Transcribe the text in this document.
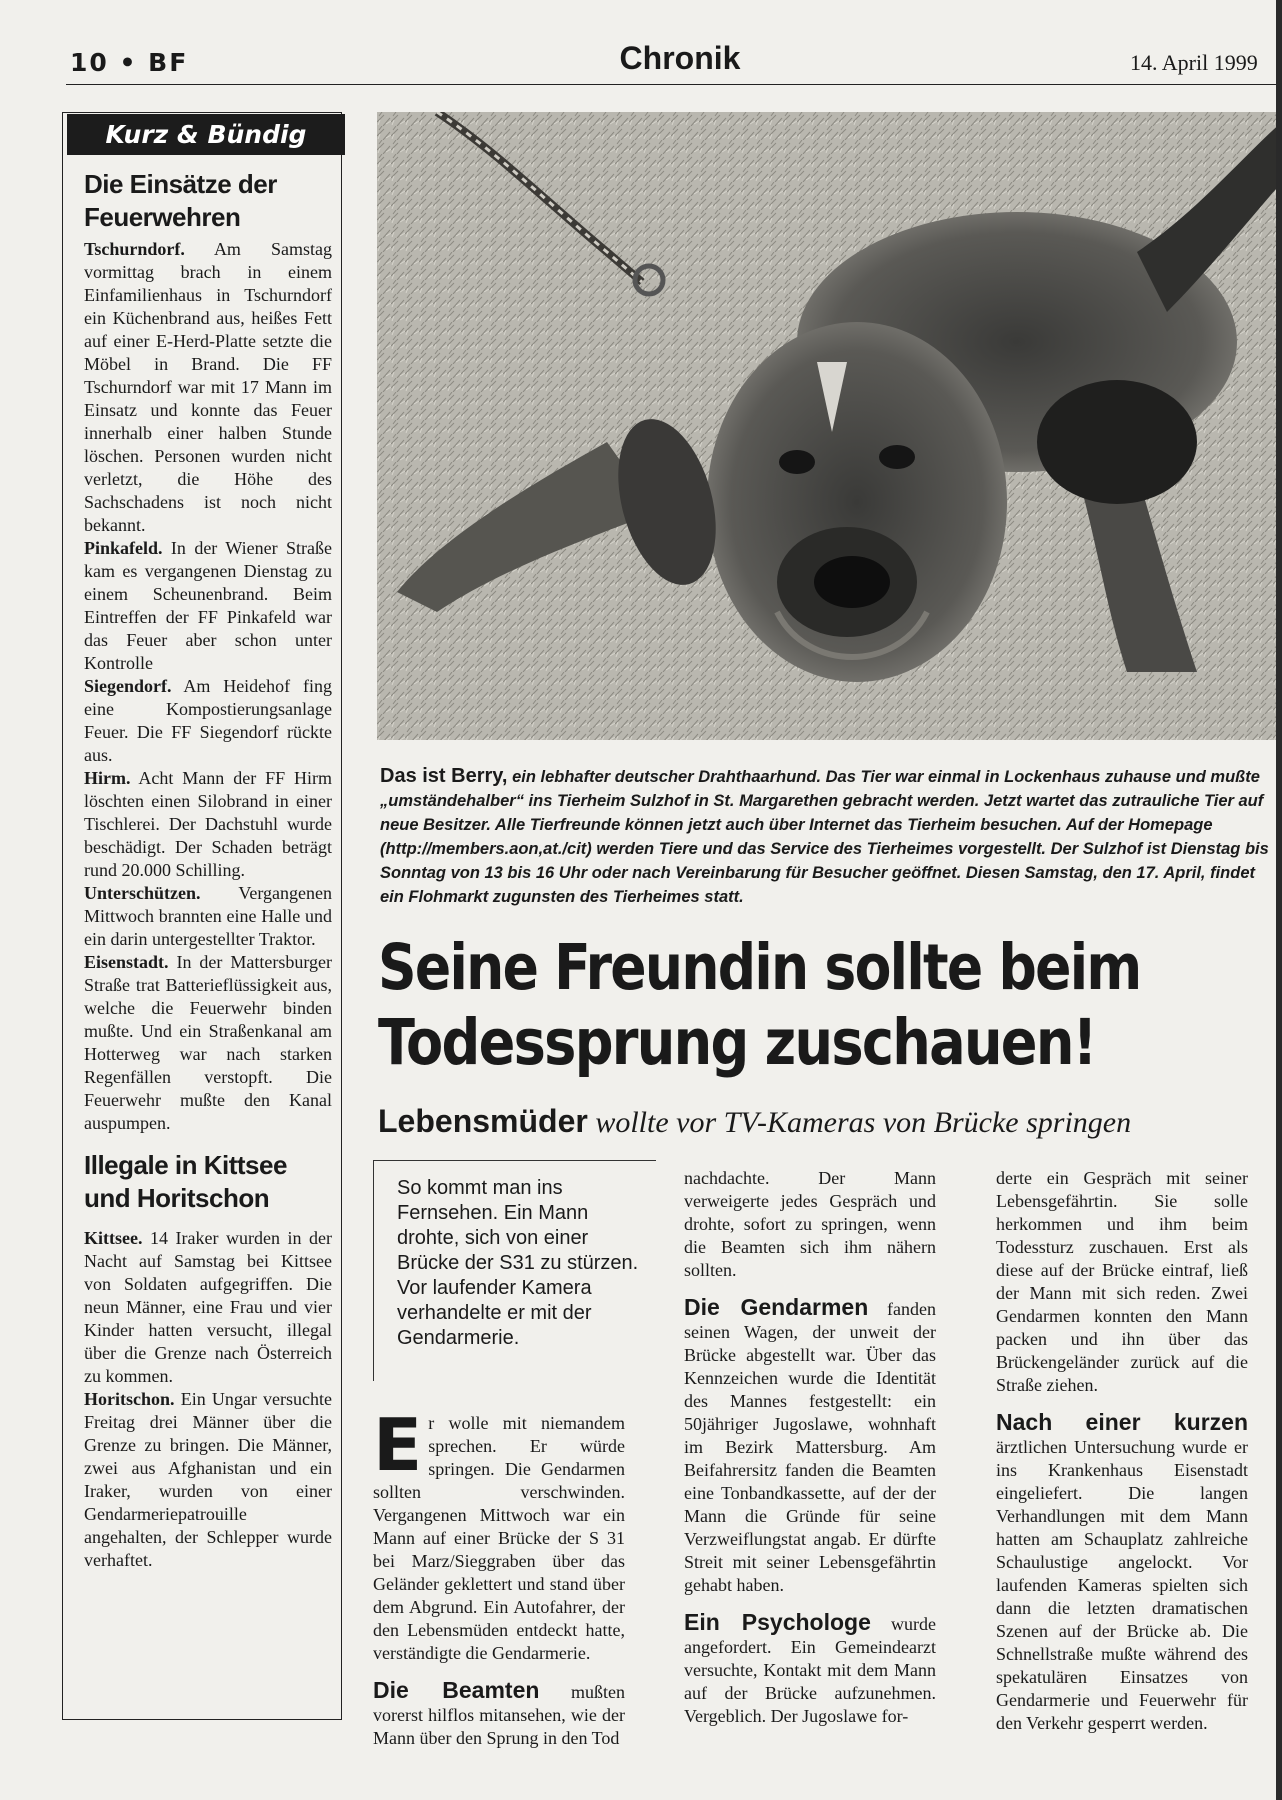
10 • BF	Chronik	14. April 1999
Kurz & Bündig
Die Einsätze der Feuerwehren

Tschurndorf. Am Samstag vormittag brach in einem Einfamilienhaus in Tschurndorf ein Küchenbrand aus, heißes Fett auf einer E-Herd-Platte setzte die Möbel in Brand. Die FF Tschurndorf war mit 17 Mann im Einsatz und konnte das Feuer innerhalb einer halben Stunde löschen. Personen wurden nicht verletzt, die Höhe des Sachschadens ist noch nicht bekannt.

Pinkafeld. In der Wiener Straße kam es vergangenen Dienstag zu einem Scheunenbrand. Beim Eintreffen der FF Pinkafeld war das Feuer aber schon unter Kontrolle

Siegendorf. Am Heidehof fing eine Kompostierungsanlage Feuer. Die FF Siegendorf rückte aus.

Hirm. Acht Mann der FF Hirm löschten einen Silobrand in einer Tischlerei. Der Dachstuhl wurde beschädigt. Der Schaden beträgt rund 20.000 Schilling.

Unterschützen. Vergangenen Mittwoch brannten eine Halle und ein darin untergestellter Traktor.

Eisenstadt. In der Mattersburger Straße trat Batterieflüssigkeit aus, welche die Feuerwehr binden mußte. Und ein Straßenkanal am Hotterweg war nach starken Regenfällen verstopft. Die Feuerwehr mußte den Kanal auspumpen.

Illegale in Kittsee und Horitschon

Kittsee. 14 Iraker wurden in der Nacht auf Samstag bei Kittsee von Soldaten aufgegriffen. Die neun Männer, eine Frau und vier Kinder hatten versucht, illegal über die Grenze nach Österreich zu kommen.

Horitschon. Ein Ungar versuchte Freitag drei Männer über die Grenze zu bringen. Die Männer, zwei aus Afghanistan und ein Iraker, wurden von einer Gendarmeriepatrouille angehalten, der Schlepper wurde verhaftet.

Das ist Berry, ein lebhafter deutscher Drahthaarhund. Das Tier war einmal in Lockenhaus zuhause und mußte „umständehalber“ ins Tierheim Sulzhof in St. Margarethen gebracht werden. Jetzt wartet das zutrauliche Tier auf neue Besitzer. Alle Tierfreunde können jetzt auch über Internet das Tierheim besuchen. Auf der Homepage (http://members.aon,at./cit) werden Tiere und das Service des Tierheimes vorgestellt. Der Sulzhof ist Dienstag bis Sonntag von 13 bis 16 Uhr oder nach Vereinbarung für Besucher geöffnet. Diesen Samstag, den 17. April, findet ein Flohmarkt zugunsten des Tierheimes statt.
Seine Freundin sollte beim
Todessprung zuschauen!
Lebensmüder wollte vor TV-Kameras von Brücke springen
So kommt man ins Fernsehen. Ein Mann drohte, sich von einer Brücke der S31 zu stürzen. Vor laufender Kamera verhandelte er mit der Gendarmerie.

Er wolle mit niemandem sprechen. Er würde springen. Die Gendarmen sollten verschwinden. Vergangenen Mittwoch war ein Mann auf einer Brücke der S 31 bei Marz/Sieggraben über das Geländer geklettert und stand über dem Abgrund. Ein Autofahrer, der den Lebensmüden entdeckt hatte, verständigte die Gendarmerie.

Die Beamten mußten vorerst hilflos mitansehen, wie der Mann über den Sprung in den Tod

nachdachte. Der Mann verweigerte jedes Gespräch und drohte, sofort zu springen, wenn die Beamten sich ihm nähern sollten.

Die Gendarmen fanden seinen Wagen, der unweit der Brücke abgestellt war. Über das Kennzeichen wurde die Identität des Mannes festgestellt: ein 50jähriger Jugoslawe, wohnhaft im Bezirk Mattersburg. Am Beifahrersitz fanden die Beamten eine Tonbandkassette, auf der der Mann die Gründe für seine Verzweiflungstat angab. Er dürfte Streit mit seiner Lebensgefährtin gehabt haben.

Ein Psychologe wurde angefordert. Ein Gemeindearzt versuchte, Kontakt mit dem Mann auf der Brücke aufzunehmen. Vergeblich. Der Jugoslawe for-

derte ein Gespräch mit seiner Lebensgefährtin. Sie solle herkommen und ihm beim Todessturz zuschauen. Erst als diese auf der Brücke eintraf, ließ der Mann mit sich reden. Zwei Gendarmen konnten den Mann packen und ihn über das Brückengeländer zurück auf die Straße ziehen.

Nach einer kurzen ärztlichen Untersuchung wurde er ins Krankenhaus Eisenstadt eingeliefert. Die langen Verhandlungen mit dem Mann hatten am Schauplatz zahlreiche Schaulustige angelockt. Vor laufenden Kameras spielten sich dann die letzten dramatischen Szenen auf der Brücke ab. Die Schnellstraße mußte während des spekatulären Einsatzes von Gendarmerie und Feuerwehr für den Verkehr gesperrt werden.
